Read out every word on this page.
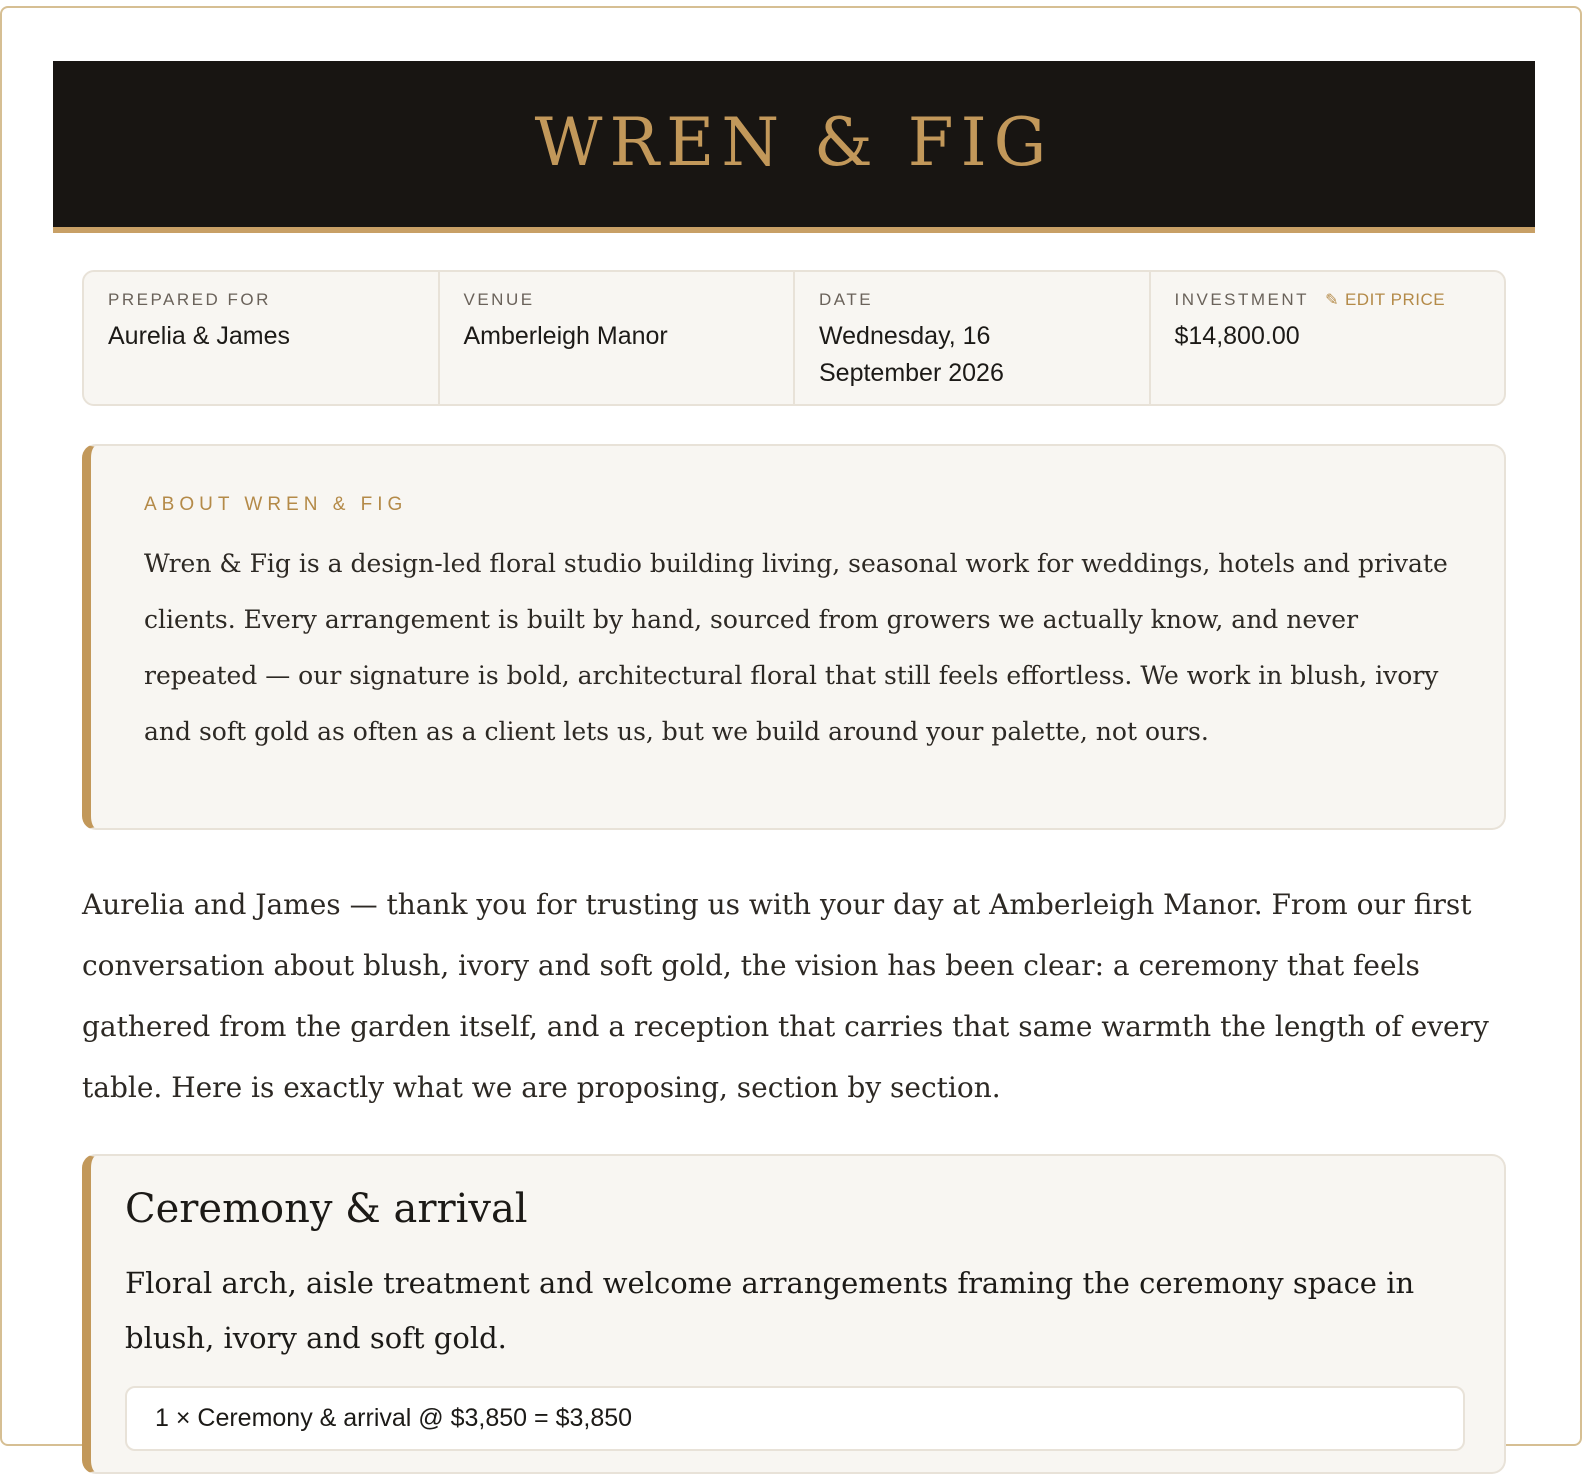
WREN & FIG
PREPARED FOR
Aurelia & James
VENUE
Amberleigh Manor
DATE
Wednesday, 16 September 2026
INVESTMENT ✎ EDIT PRICE
$14,800.00
ABOUT WREN & FIG
Wren & Fig is a design-led floral studio building living, seasonal work for weddings, hotels and private clients. Every arrangement is built by hand, sourced from growers we actually know, and never repeated — our signature is bold, architectural floral that still feels effortless. We work in blush, ivory and soft gold as often as a client lets us, but we build around your palette, not ours.
Aurelia and James — thank you for trusting us with your day at Amberleigh Manor. From our first conversation about blush, ivory and soft gold, the vision has been clear: a ceremony that feels gathered from the garden itself, and a reception that carries that same warmth the length of every table. Here is exactly what we are proposing, section by section.
Ceremony & arrival
Floral arch, aisle treatment and welcome arrangements framing the ceremony space in blush, ivory and soft gold.
1 × Ceremony & arrival @ $3,850 = $3,850
